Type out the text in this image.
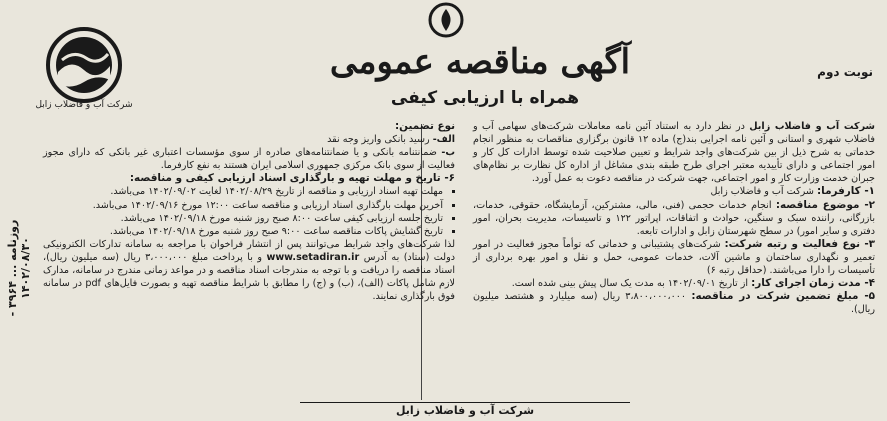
آگهی مناقصه عمومی
همراه با ارزیابی کیفی
نوبت دوم
شرکت آب و فاضلاب زابل
روزنامه ... ۳۹۶۴ - ۱۴۰۲/۰۸/۳۰

شرکت آب و فاضلاب زابل در نظر دارد به استناد آئین نامه معاملات شرکت‌های سهامی آب و فاضلاب شهری و استانی و آئین نامه اجرایی بند(ج) ماده ۱۲ قانون برگزاری مناقصات به منظور انجام خدماتی به شرح ذیل از بین شرکت‌های واجد شرایط و تعیین صلاحیت شده توسط ادارات کل کار و امور اجتماعی و دارای تأییدیه معتبر اجرای طرح طبقه بندی مشاغل از اداره کل نظارت بر نظام‌های جبران خدمت وزارت کار و امور اجتماعی، جهت شرکت در مناقصه دعوت به عمل آورد.

۱- کارفرما: شرکت آب و فاضلاب زابل

۲- موضوع مناقصه: انجام خدمات حجمی (فنی، مالی، مشترکین، آزمایشگاه، حقوقی، خدمات، بازرگانی، راننده سبک و سنگین، حوادث و اتفاقات، اپراتور ۱۲۲ و تاسیسات، مدیریت بحران، امور دفتری و سایر امور) در سطح شهرستان زابل و ادارات تابعه.

۳- نوع فعالیت و رتبه شرکت: شرکت‌های پشتیبانی و خدماتی که توأماً مجوز فعالیت در امور تعمیر و نگهداری ساختمان و ماشین آلات، خدمات عمومی، حمل و نقل و امور بهره برداری از تأسیسات را دارا می‌باشند. (حداقل رتبه ۶)

۴- مدت زمان اجرای کار: از تاریخ ۱۴۰۲/۰۹/۰۱ به مدت یک سال پیش بینی شده است.

۵- مبلغ تضمین شرکت در مناقصه: ۳،۸۰۰،۰۰۰،۰۰۰ ریال (سه میلیارد و هشتصد میلیون ریال).

نوع تضمین:

الف- رسید بانکی واریز وجه نقد

ب- ضمانتنامه بانکی و یا ضمانتنامه‌های صادره از سوی مؤسسات اعتباری غیر بانکی که دارای مجوز فعالیت از سوی بانک مرکزی جمهوری اسلامی ایران هستند به نفع کارفرما.

۶- تاریخ و مهلت تهیه و بارگذاری اسناد ارزیابی کیفی و مناقصه:

▪ مهلت تهیه اسناد ارزیابی و مناقصه از تاریخ ۱۴۰۲/۰۸/۲۹ لغایت ۱۴۰۲/۰۹/۰۲ می‌باشد.
▪ آخرین مهلت بارگذاری اسناد ارزیابی و مناقصه ساعت ۱۲:۰۰ مورخ ۱۴۰۲/۰۹/۱۶ می‌باشد.
▪ تاریخ جلسه ارزیابی کیفی ساعت ۸:۰۰ صبح روز شنبه مورخ ۱۴۰۲/۰۹/۱۸ می‌باشد.
▪ تاریخ گشایش پاکات مناقصه ساعت ۹:۰۰ صبح روز شنبه مورخ ۱۴۰۲/۰۹/۱۸ می‌باشد.

لذا شرکت‌های واجد شرایط می‌توانند پس از انتشار فراخوان با مراجعه به سامانه تدارکات الکترونیکی دولت (ستاد) به آدرس www.setadiran.ir و با پرداخت مبلغ ۳،۰۰۰،۰۰۰ ریال (سه میلیون ریال)، اسناد مناقصه را دریافت و با توجه به مندرجات اسناد مناقصه و در مواعد زمانی مندرج در سامانه، مدارک لازم شامل پاکات (الف)، (ب) و (ج) را مطابق با شرایط مناقصه تهیه و بصورت فایل‌های pdf در سامانه فوق بارگذاری نمایند.

شرکت آب و فاضلاب زابل
